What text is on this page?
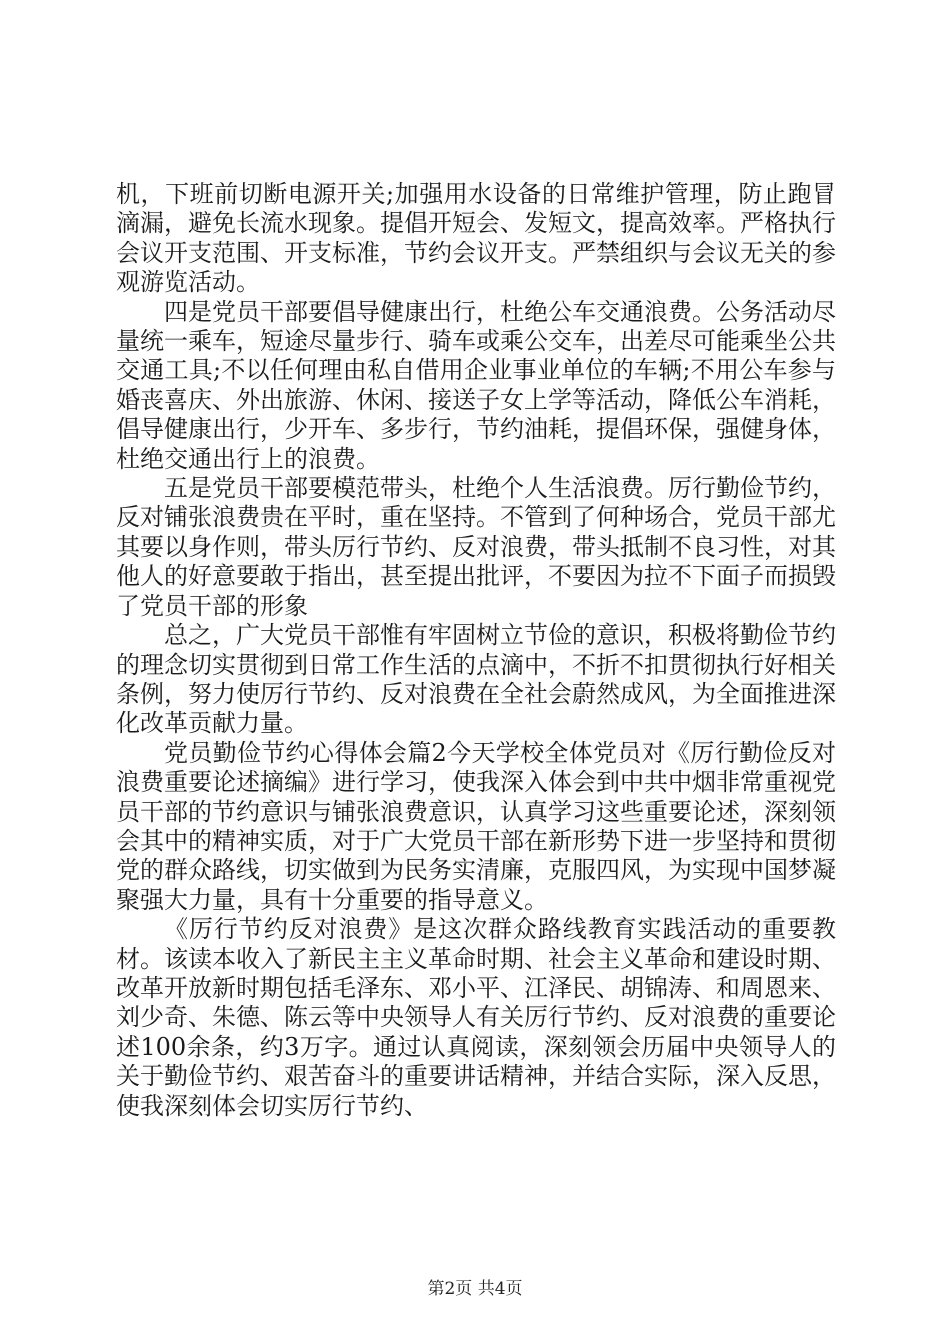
机，下班前切断电源开关;加强用水设备的日常维护管理，防止跑冒滴漏，避免长流水现象。提倡开短会、发短文，提高效率。严格执行会议开支范围、开支标准，节约会议开支。严禁组织与会议无关的参观游览活动。

四是党员干部要倡导健康出行，杜绝公车交通浪费。公务活动尽量统一乘车，短途尽量步行、骑车或乘公交车，出差尽可能乘坐公共交通工具;不以任何理由私自借用企业事业单位的车辆;不用公车参与婚丧喜庆、外出旅游、休闲、接送子女上学等活动，降低公车消耗，倡导健康出行，少开车、多步行，节约油耗，提倡环保，强健身体，杜绝交通出行上的浪费。

五是党员干部要模范带头，杜绝个人生活浪费。厉行勤俭节约，反对铺张浪费贵在平时，重在坚持。不管到了何种场合，党员干部尤其要以身作则，带头厉行节约、反对浪费，带头抵制不良习性，对其他人的好意要敢于指出，甚至提出批评，不要因为拉不下面子而损毁了党员干部的形象

总之，广大党员干部惟有牢固树立节俭的意识，积极将勤俭节约的理念切实贯彻到日常工作生活的点滴中，不折不扣贯彻执行好相关条例，努力使厉行节约、反对浪费在全社会蔚然成风，为全面推进深化改革贡献力量。

党员勤俭节约心得体会篇2今天学校全体党员对《厉行勤俭反对浪费重要论述摘编》进行学习，使我深入体会到中共中烟非常重视党员干部的节约意识与铺张浪费意识，认真学习这些重要论述，深刻领会其中的精神实质，对于广大党员干部在新形势下进一步坚持和贯彻党的群众路线，切实做到为民务实清廉，克服四风，为实现中国梦凝聚强大力量，具有十分重要的指导意义。

《厉行节约反对浪费》是这次群众路线教育实践活动的重要教材。该读本收入了新民主主义革命时期、社会主义革命和建设时期、改革开放新时期包括毛泽东、邓小平、江泽民、胡锦涛、和周恩来、刘少奇、朱德、陈云等中央领导人有关厉行节约、反对浪费的重要论述100余条，约3万字。通过认真阅读，深刻领会历届中央领导人的关于勤俭节约、艰苦奋斗的重要讲话精神，并结合实际，深入反思，使我深刻体会切实厉行节约、

第2页 共4页
